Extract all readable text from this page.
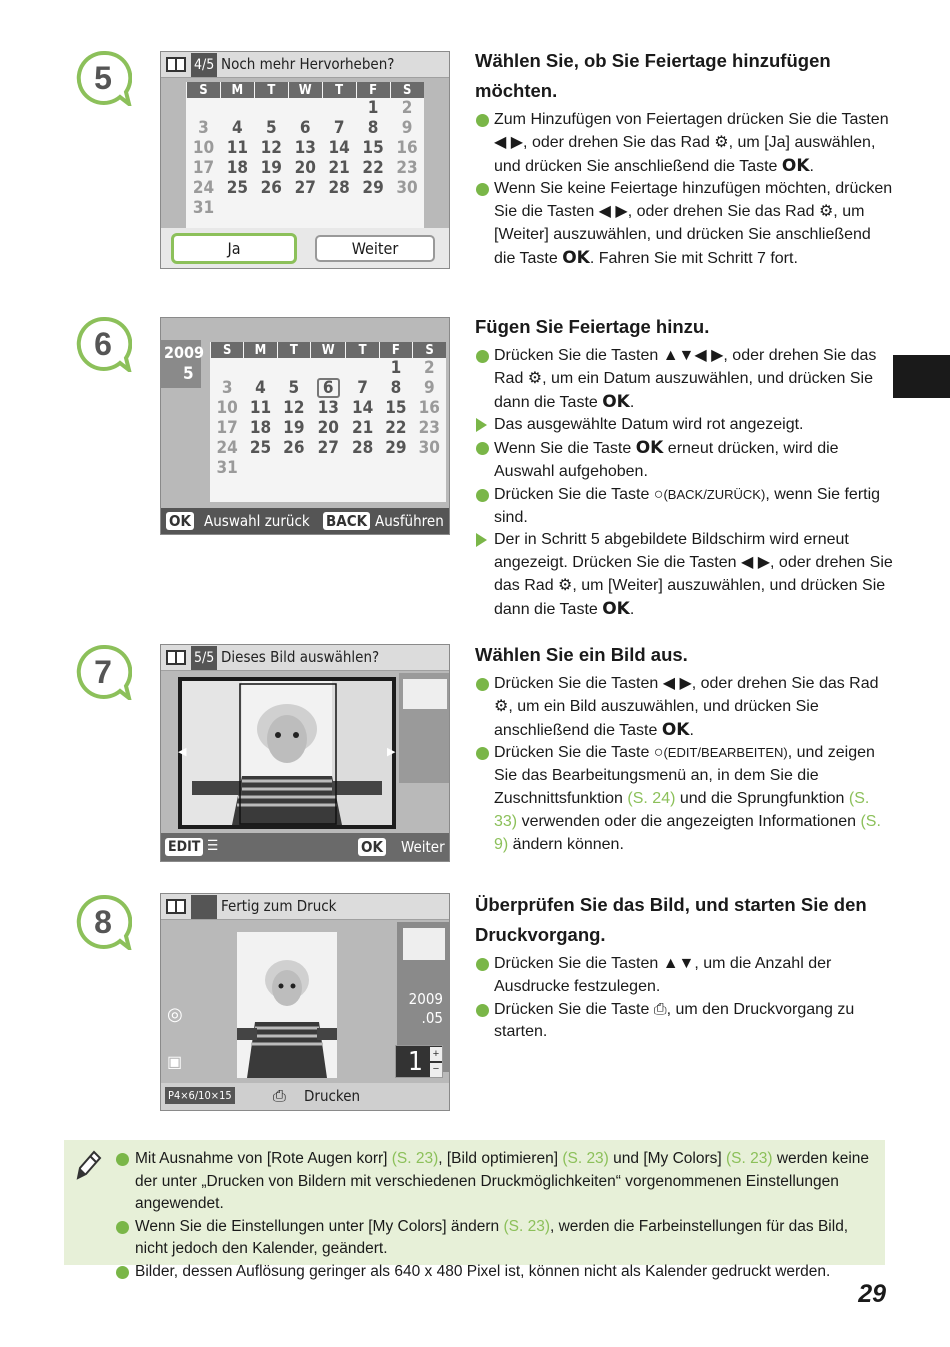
5	4/5 Noch mehr Hervorheben?
S	M	T	W	T	F	S
					1	2
3	4	5	6	7	8	9
10	11	12	13	14	15	16
17	18	19	20	21	22	23
24	25	26	27	28	29	30
31						
Ja	Weiter
Wählen Sie, ob Sie Feiertage hinzufügen möchten.
Zum Hinzufügen von Feiertagen drücken Sie die Tasten ◀ ▶, oder drehen Sie das Rad ⚙, um [Ja] auswählen, und drücken Sie anschließend die Taste OK.
Wenn Sie keine Feiertage hinzufügen möchten, drücken Sie die Tasten ◀ ▶, oder drehen Sie das Rad ⚙, um [Weiter] auszuwählen, und drücken Sie anschließend die Taste OK. Fahren Sie mit Schritt 7 fort.
6	2009
5
S	M	T	W	T	F	S
					1	2
3	4	5	6	7	8	9
10	11	12	13	14	15	16
17	18	19	20	21	22	23
24	25	26	27	28	29	30
31						
OK Auswahl zurück BACK Ausführen
Fügen Sie Feiertage hinzu.
Drücken Sie die Tasten ▲▼◀ ▶, oder drehen Sie das Rad ⚙, um ein Datum auszuwählen, und drücken Sie dann die Taste OK.
Das ausgewählte Datum wird rot angezeigt.
Wenn Sie die Taste OK erneut drücken, wird die Auswahl aufgehoben.
Drücken Sie die Taste ○(BACK/ZURÜCK), wenn Sie fertig sind.
Der in Schritt 5 abgebildete Bildschirm wird erneut angezeigt. Drücken Sie die Tasten ◀ ▶, oder drehen Sie das Rad ⚙, um [Weiter] auszuwählen, und drücken Sie dann die Taste OK.
7	5/5 Dieses Bild auswählen?
◀	▶
EDIT ☰	OK Weiter
Wählen Sie ein Bild aus.
Drücken Sie die Tasten ◀ ▶, oder drehen Sie das Rad ⚙, um ein Bild auszuwählen, und drücken Sie anschließend die Taste OK.
Drücken Sie die Taste ○(EDIT/BEARBEITEN), und zeigen Sie das Bearbeitungsmenü an, in dem Sie die Zuschnittsfunktion (S. 24) und die Sprungfunktion (S. 33) verwenden oder die angezeigten Informationen (S. 9) ändern können.
8	Fertig zum Druck
◎
▣
2009
.05
1 +
−
P4×6/10×15	⎙ Drucken
Überprüfen Sie das Bild, und starten Sie den Druckvorgang.
Drücken Sie die Tasten ▲▼, um die Anzahl der Ausdrucke festzulegen.
Drücken Sie die Taste ⎙, um den Druckvorgang zu starten.
Mit Ausnahme von [Rote Augen korr] (S. 23), [Bild optimieren] (S. 23) und [My Colors] (S. 23) werden keine der unter „Drucken von Bildern mit verschiedenen Druckmöglichkeiten“ vorgenommenen Einstellungen angewendet.
Wenn Sie die Einstellungen unter [My Colors] ändern (S. 23), werden die Farbeinstellungen für das Bild, nicht jedoch den Kalender, geändert.
Bilder, dessen Auflösung geringer als 640 x 480 Pixel ist, können nicht als Kalender gedruckt werden.
29
